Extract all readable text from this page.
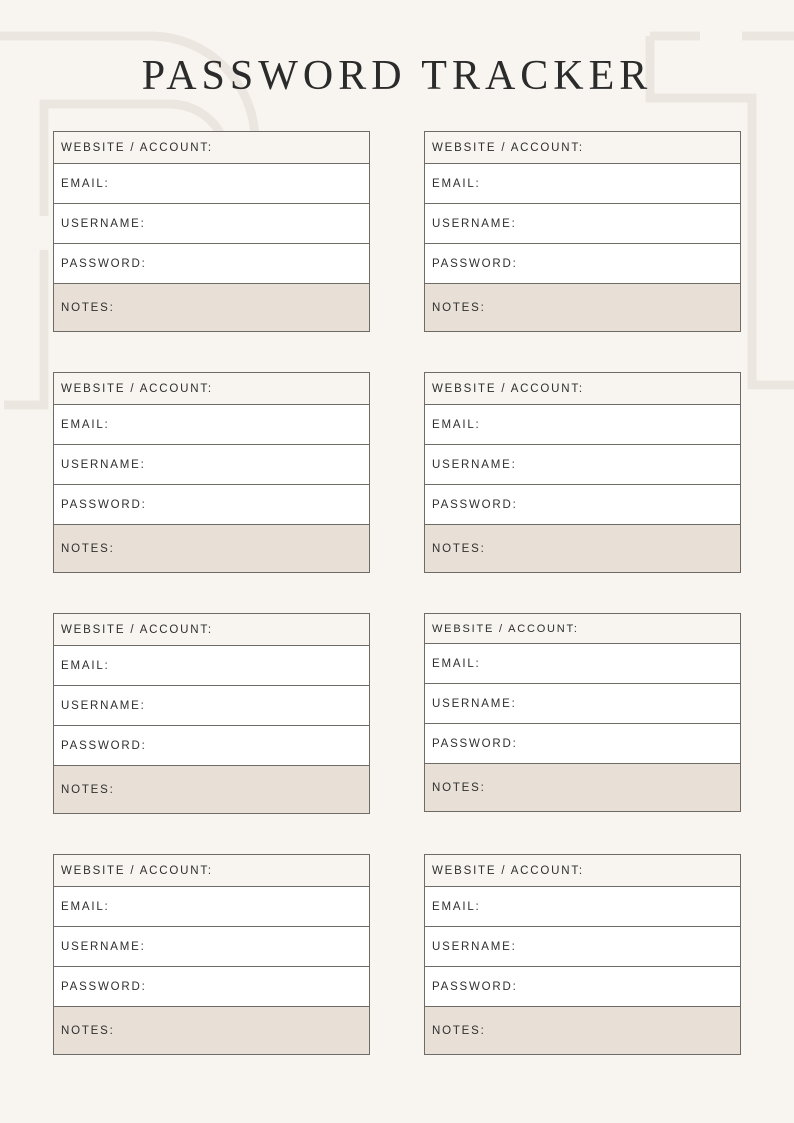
PASSWORD TRACKER
WEBSITE / ACCOUNT:
EMAIL:
USERNAME:
PASSWORD:
NOTES:
WEBSITE / ACCOUNT:
EMAIL:
USERNAME:
PASSWORD:
NOTES:
WEBSITE / ACCOUNT:
EMAIL:
USERNAME:
PASSWORD:
NOTES:
WEBSITE / ACCOUNT:
EMAIL:
USERNAME:
PASSWORD:
NOTES:
WEBSITE / ACCOUNT:
EMAIL:
USERNAME:
PASSWORD:
NOTES:
WEBSITE / ACCOUNT:
EMAIL:
USERNAME:
PASSWORD:
NOTES:
WEBSITE / ACCOUNT:
EMAIL:
USERNAME:
PASSWORD:
NOTES:
WEBSITE / ACCOUNT:
EMAIL:
USERNAME:
PASSWORD:
NOTES:
